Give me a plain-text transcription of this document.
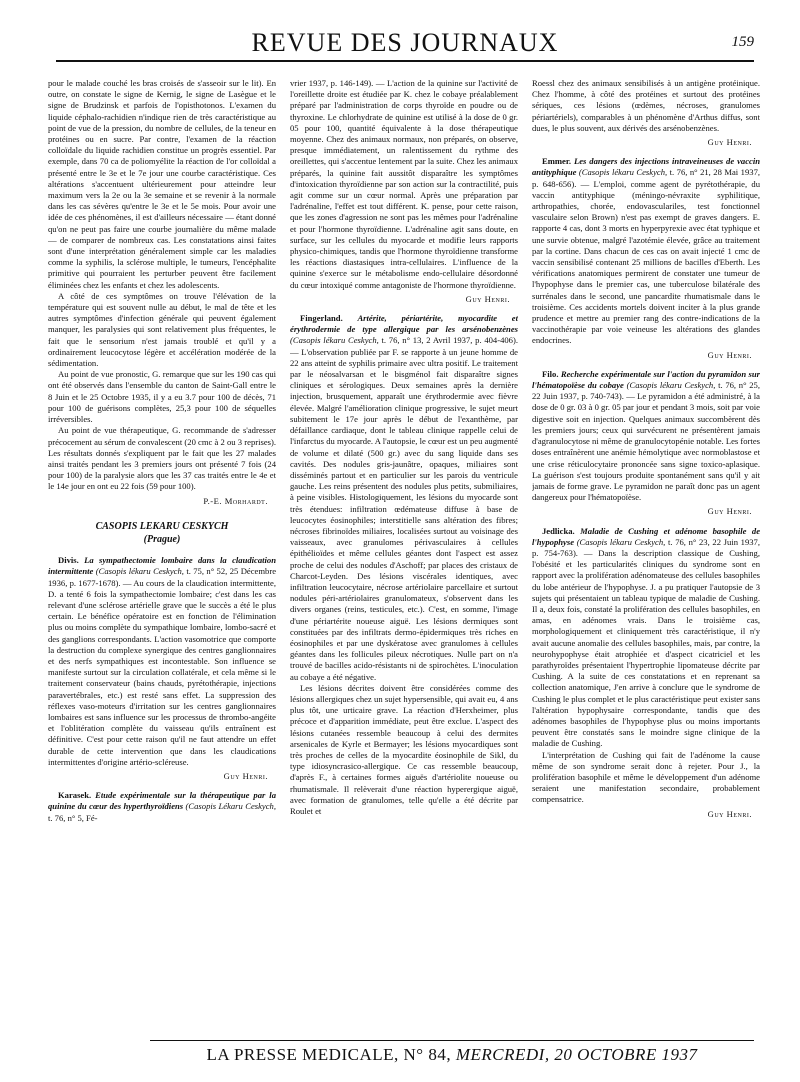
REVUE DES JOURNAUX	159

pour le malade couché les bras croisés de s'asseoir sur le lit). En outre, on constate le signe de Kernig, le signe de Lasègue et le signe de Brudzinsk et parfois de l'opisthotonos. L'examen du liquide céphalo-rachidien n'indique rien de très caractéristique au point de vue de la pression, du nombre de cellules, de la teneur en protéines ou en sucre. Par contre, l'examen de la réaction colloïdale du liquide rachidien constitue un progrès essentiel. Par exemple, dans 70 ca de poliomyélite la réaction de l'or colloïdal a présenté entre le 3e et le 7e jour une courbe caractéristique. Ces altérations s'accentuent ultérieurement pour atteindre leur maximum vers la 2e ou la 3e semaine et se revenir à la normale dans les cas sévères qu'entre le 3e et le 5e mois. Pour avoir une idée de ces phénomènes, il est d'ailleurs nécessaire — étant donné qu'on ne peut pas faire une courbe journalière du même malade — de comparer de nombreux cas. Les constatations ainsi faites sont d'une interprétation généralement simple car les maladies comme la syphilis, la sclérose multiple, le tumeurs, l'encéphalite primitive qui pourraient les perturber peuvent être facilement éliminées chez les enfants et chez les adolescents.

A côté de ces symptômes on trouve l'élévation de la température qui est souvent nulle au début, le mal de tête et les autres symptômes d'infection générale qui peuvent également manquer, les paralysies qui sont relativement plus fréquentes, le fait que le sensorium n'est jamais troublé et qu'il y a ordinairement leucocytose légère et accélération modérée de la sédimentation.

Au point de vue pronostic, G. remarque que sur les 190 cas qui ont été observés dans l'ensemble du canton de Saint-Gall entre le 8 Juin et le 25 Octobre 1935, il y a eu 3.7 pour 100 de décès, 71 pour 100 de guérisons complètes, 25,3 pour 100 de séquelles irréversibles.

Au point de vue thérapeutique, G. recommande de s'adresser précocement au sérum de convalescent (20 cmc à 2 ou 3 reprises). Les résultats donnés s'expliquent par le fait que les 27 malades ainsi traités pendant les 3 premiers jours ont présenté 7 fois (24 pour 100) de la paralysie alors que les 37 cas traités entre le 4e et le 14e jour en ont eu 22 fois (59 pour 100).

P.-E. Morhardt.
CASOPIS LEKARU CESKYCH
(Prague)

Divis. La sympathectomie lombaire dans la claudication intermittente (Casopis lékaru Ceskych, t. 75, n° 52, 25 Décembre 1936, p. 1677-1678). — Au cours de la claudication intermittente, D. a tenté 6 fois la sympathectomie lombaire; c'est dans les cas relevant d'une sclérose artérielle grave que le succès a été le plus certain. Le bénéfice opératoire est en fonction de l'élimination plus ou moins complète du sympathique lombaire, lombo-sacré et des ganglions correspondants. L'action vasomotrice que comporte la destruction du complexe synergique des centres ganglionnaires et des nerfs sympathiques est incontestable. Son influence se manifeste surtout sur la circulation collatérale, et cela même si le traitement conservateur (bains chauds, pyrétothérapie, injections paravertébrales, etc.) est resté sans effet. La suppression des réflexes vaso-moteurs d'irritation sur les centres ganglionnaires lombaires est sans influence sur les processus de thrombo-angéite et l'oblitération complète du vaisseau qu'ils entraînent est définitive. C'est pour cette raison qu'il ne faut attendre un effet durable de cette intervention que dans les claudications intermittentes d'origine artério-scléreuse.

Guy Henri.

Karasek. Etude expérimentale sur la thérapeutique par la quinine du cœur des hyperthyroïdiens (Casopis Lékaru Ceskych, t. 76, n° 5, Fé-

vrier 1937, p. 146-149). — L'action de la quinine sur l'activité de l'oreillette droite est étudiée par K. chez le cobaye préalablement préparé par l'administration de corps thyroïde en poudre ou de thyroxine. Le chlorhydrate de quinine est utilisé à la dose de 0 gr. 05 pour 100, quantité équivalente à la dose thérapeutique moyenne. Chez des animaux normaux, non préparés, on observe, presque immédiatement, un ralentissement du rythme des oreillettes, qui s'accentue lentement par la suite. Chez les animaux préparés, la quinine fait aussitôt disparaître les symptômes d'intoxication thyroïdienne par son action sur la contractilité, puis agit comme sur un cœur normal. Après une préparation par l'adrénaline, l'effet est tout différent. K. pense, pour cette raison, que les zones d'agression ne sont pas les mêmes pour l'adrénaline et pour l'hormone thyroïdienne. L'adrénaline agit sans doute, en surface, sur les cellules du myocarde et modifie leurs rapports physico-chimiques, tandis que l'hormone thyroïdienne transforme les réactions diastasiques intra-cellulaires. L'influence de la quinine s'exerce sur le métabolisme endo-cellulaire désordonné du cœur intoxiqué comme antagoniste de l'hormone thyroïdienne.

Guy Henri.

Fingerland. Artérite, périartérite, myocardite et érythrodermie de type allergique par les arsénobenzènes (Casopis lékaru Ceskych, t. 76, n° 13, 2 Avril 1937, p. 404-406). — L'observation publiée par F. se rapporte à un jeune homme de 22 ans atteint de syphilis primaire avec ultra positif. Le traitement par le néosalvarsan et le bisgménol fait disparaître signes cliniques et sérologiques. Deux semaines après la dernière injection, brusquement, apparaît une érythrodermie avec fièvre élevée. Malgré l'amélioration clinique progressive, le sujet meurt subitement le 17e jour après le début de l'exanthème, par défaillance cardiaque, dont le tableau clinique rappelle celui de l'infarctus du myocarde. A l'autopsie, le cœur est un peu augmenté de volume et dilaté (500 gr.) avec du sang liquide dans ses cavités. Des nodules gris-jaunâtre, opaques, miliaires sont disséminés partout et en particulier sur les parois du ventricule gauche. Les reins présentent des nodules plus petits, submiliaires, à peine visibles. Histologiquement, les lésions du myocarde sont très étendues: infiltration œdémateuse diffuse à base de leucocytes éosinophiles; interstitielle sans altération des fibres; nécroses fibrinoïdes miliaires, localisées surtout au voisinage des vaisseaux, avec granulomes périvasculaires à cellules épithélioïdes et même cellules géantes dont l'aspect est assez proche de celui des nodules d'Aschoff; par places des cristaux de Charcot-Leyden. Des lésions viscérales identiques, avec infiltration leucocytaire, nécrose artériolaire parcellaire et surtout nodules péri-artériolaires granulomateux, s'observent dans les divers organes (reins, testicules, etc.). C'est, en somme, l'image d'une périartérite noueuse aiguë. Les lésions dermiques sont constituées par des infiltrats dermo-épidermiques très riches en éosinophiles et par une dyskératose avec granulomes à cellules géantes dans les follicules pileux nécrotiques. Nulle part on n'a trouvé de bacilles acido-résistants ni de spirochètes. L'inoculation au cobaye a été négative.

Les lésions décrites doivent être considérées comme des lésions allergiques chez un sujet hypersensible, qui avait eu, 4 ans plus tôt, une urticaire grave. La réaction d'Herxheimer, plus précoce et d'apparition immédiate, peut être exclue. L'aspect des lésions cutanées ressemble beaucoup à celui des dermites arsenicales de Kyrle et Bermayer; les lésions myocardiques sont très proches de celles de la myocardite éosinophile de Sikl, du type idiosyncrasico-allergique. Ce cas ressemble beaucoup, d'après F., à certaines formes aiguës d'artériolite noueuse ou rhumatismale. Il relèverait d'une réaction hyperergique aiguë, avec formation de granulomes, telle qu'elle a été décrite par Roulet et

Roessl chez des animaux sensibilisés à un antigène protéinique. Chez l'homme, à côté des protéines et surtout des protéines sériques, ces lésions (œdèmes, nécroses, granulomes périartériels), comparables à un phénomène d'Arthus diffus, sont dues, le plus souvent, aux dérivés des arsénobenzènes.

Guy Henri.

Emmer. Les dangers des injections intraveineuses de vaccin antityphique (Casopis lékaru Ceskych, t. 76, n° 21, 28 Mai 1937, p. 648-656). — L'emploi, comme agent de pyrétothérapie, du vaccin antityphique (méningo-névraxite syphilitique, arthropathies, chorée, endovasculariles, test fonctionnel vasculaire selon Brown) n'est pas exempt de graves dangers. E. rapporte 4 cas, dont 3 morts en hyperpyrexie avec état typhique et une survie obtenue, malgré l'azotémie élevée, grâce au traitement par la cortine. Dans chacun de ces cas on avait injecté 1 cmc de vaccin sensibilisé contenant 25 millions de bacilles d'Eberth. Les vérifications anatomiques permirent de constater une tumeur de l'hypophyse dans le premier cas, une tuberculose bilatérale des surrénales dans le second, une pancardite rhumatismale dans le troisième. Ces accidents mortels doivent inciter à la plus grande prudence et mettre au premier rang des contre-indications de la vaccinothérapie par voie veineuse les altérations des glandes endocrines.

Guy Henri.

Filo. Recherche expérimentale sur l'action du pyramidon sur l'hématopoïèse du cobaye (Casopis lékaru Ceskych, t. 76, n° 25, 22 Juin 1937, p. 740-743). — Le pyramidon a été administré, à la dose de 0 gr. 03 à 0 gr. 05 par jour et pendant 3 mois, soit par voie digestive soit en injection. Quelques animaux succombèrent dès les premiers jours; ceux qui survécurent ne présentèrent jamais d'agranulocytose ni même de granulocytopénie notable. Les fortes doses entraînèrent une anémie hémolytique avec normoblastose et une crise réticulocytaire prononcée sans signe toxico-aplasique. La guérison s'est toujours produite spontanément sans qu'il y ait jamais de forme grave. Le pyramidon ne paraît donc pas un agent dangereux pour l'hématopoïèse.

Guy Henri.

Jedlicka. Maladie de Cushing et adénome basophile de l'hypophyse (Casopis lékaru Ceskych, t. 76, n° 23, 22 Juin 1937, p. 754-763). — Dans la description classique de Cushing, l'obésité et les particularités cliniques du syndrome sont en rapport avec la prolifération adénomateuse des cellules basophiles du lobe antérieur de l'hypophyse. J. a pu pratiquer l'autopsie de 3 sujets qui présentaient un tableau typique de maladie de Cushing. Il a, deux fois, constaté la prolifération des cellules basophiles, en amas, en adénomes vrais. Dans le troisième cas, morphologiquement et cliniquement très caractéristique, il n'y avait aucune anomalie des cellules basophiles, mais, par contre, la neurohypophyse était atrophiée et d'aspect cicatriciel et les parathyroïdes présentaient l'hypertrophie lipomateuse décrite par Cushing. A la suite de ces constatations et en reprenant sa collection anatomique, J'en arrive à conclure que le syndrome de Cushing le plus complet et le plus caractéristique peut exister sans l'altération hypophysaire correspondante, tandis que des adénomes basophiles de l'hypophyse plus ou moins importants peuvent être constatés sans le moindre signe clinique de la maladie de Cushing.

L'interprétation de Cushing qui fait de l'adénome la cause même de son syndrome serait donc à rejeter. Pour J., la prolifération basophile et même le développement d'un adénome seraient une manifestation secondaire, probablement compensatrice.

Guy Henri.
LA PRESSE MEDICALE, N° 84, MERCREDI, 20 OCTOBRE 1937
